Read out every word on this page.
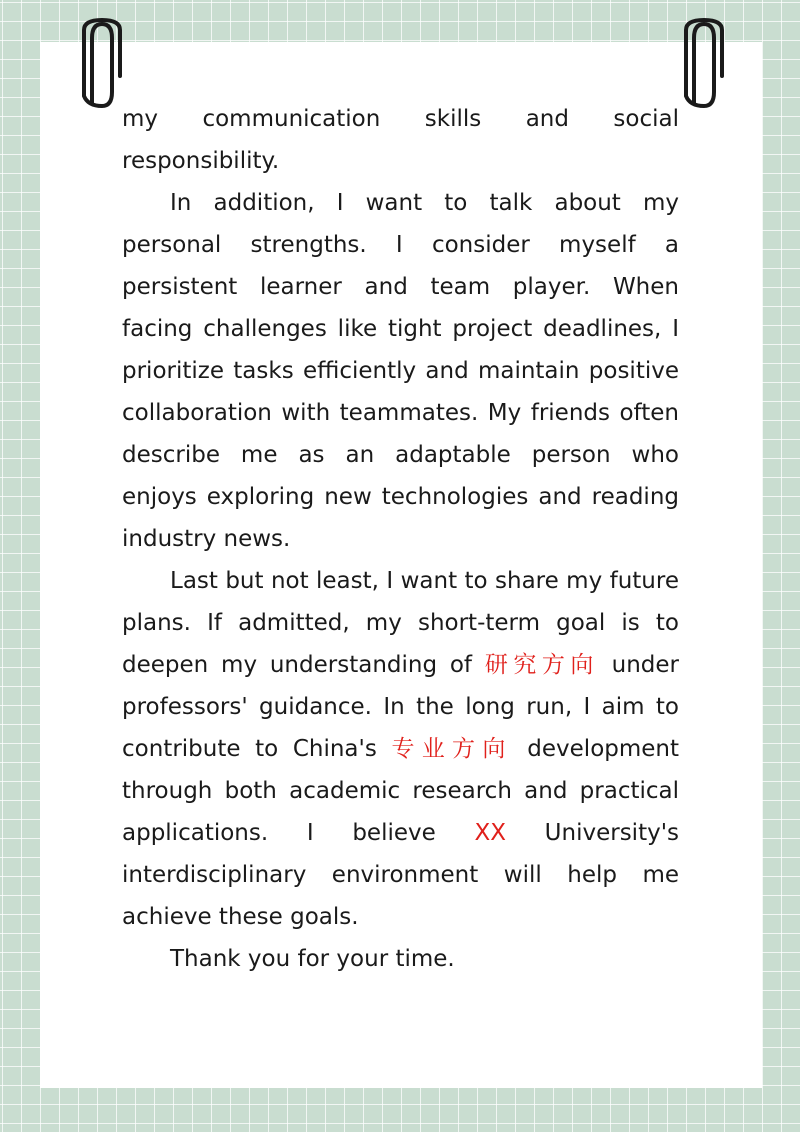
my communication skills and social

responsibility.

In addition, I want to talk about my personal strengths. I consider myself a persistent learner and team player. When facing challenges like tight project deadlines, I prioritize tasks efficiently and maintain positive collaboration with teammates. My friends often describe me as an adaptable person who enjoys exploring new technologies and reading industry news.

Last but not least, I want to share my future plans. If admitted, my short-term goal is to deepen my understanding of 研究方向 under professors' guidance. In the long run, I aim to contribute to China's 专业方向 development through both academic research and practical applications. I believe XX University's interdisciplinary environment will help me achieve these goals.

Thank you for your time.
